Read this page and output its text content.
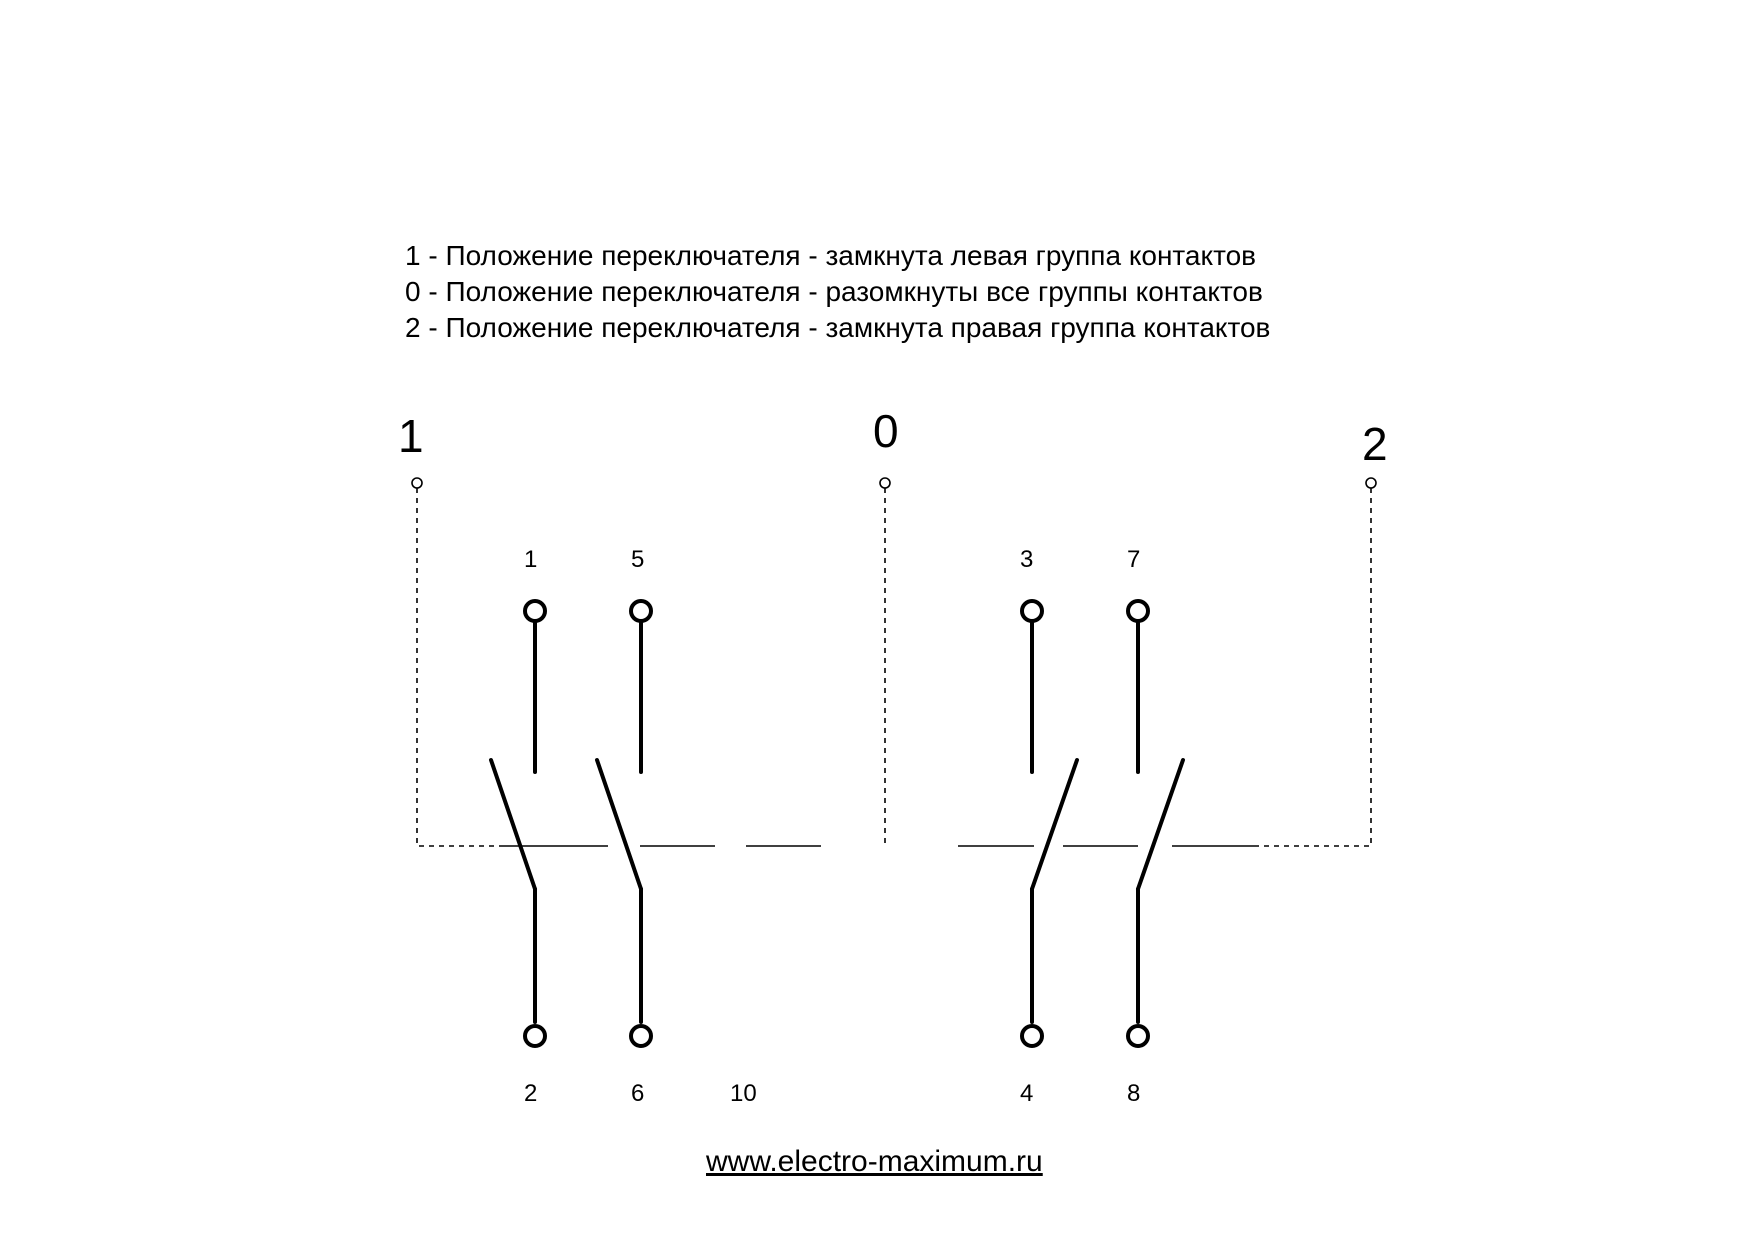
1 - Положение переключателя - замкнута левая группа контактов
0 - Положение переключателя - разомкнуты все группы контактов
2 - Положение переключателя - замкнута правая группа контактов
1	0	2
1	5	3	7
2	6	10	4	8
www.electro-maximum.ru
